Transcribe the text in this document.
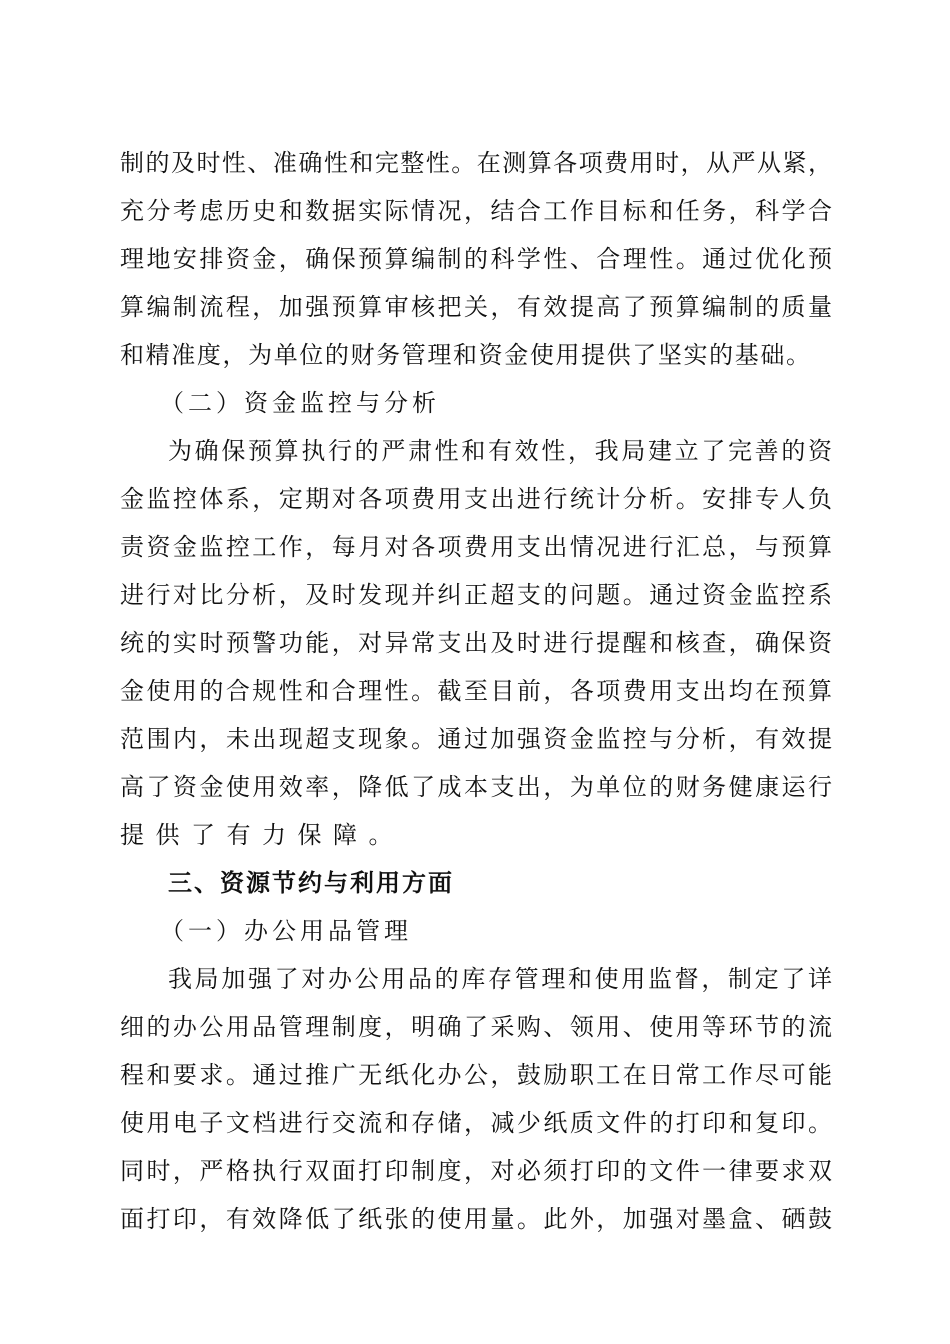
制的及时性、准确性和完整性。在测算各项费用时，从严从紧，
充分考虑历史和数据实际情况，结合工作目标和任务，科学合
理地安排资金，确保预算编制的科学性、合理性。通过优化预
算编制流程，加强预算审核把关，有效提高了预算编制的质量
和精准度，为单位的财务管理和资金使用提供了坚实的基础。
（二）资金监控与分析
为确保预算执行的严肃性和有效性，我局建立了完善的资
金监控体系，定期对各项费用支出进行统计分析。安排专人负
责资金监控工作，每月对各项费用支出情况进行汇总，与预算
进行对比分析，及时发现并纠正超支的问题。通过资金监控系
统的实时预警功能，对异常支出及时进行提醒和核查，确保资
金使用的合规性和合理性。截至目前，各项费用支出均在预算
范围内，未出现超支现象。通过加强资金监控与分析，有效提
高了资金使用效率，降低了成本支出，为单位的财务健康运行
提供了有力保障。
三、资源节约与利用方面
（一）办公用品管理
我局加强了对办公用品的库存管理和使用监督，制定了详
细的办公用品管理制度，明确了采购、领用、使用等环节的流
程和要求。通过推广无纸化办公，鼓励职工在日常工作尽可能
使用电子文档进行交流和存储，减少纸质文件的打印和复印。
同时，严格执行双面打印制度，对必须打印的文件一律要求双
面打印，有效降低了纸张的使用量。此外，加强对墨盒、硒鼓
